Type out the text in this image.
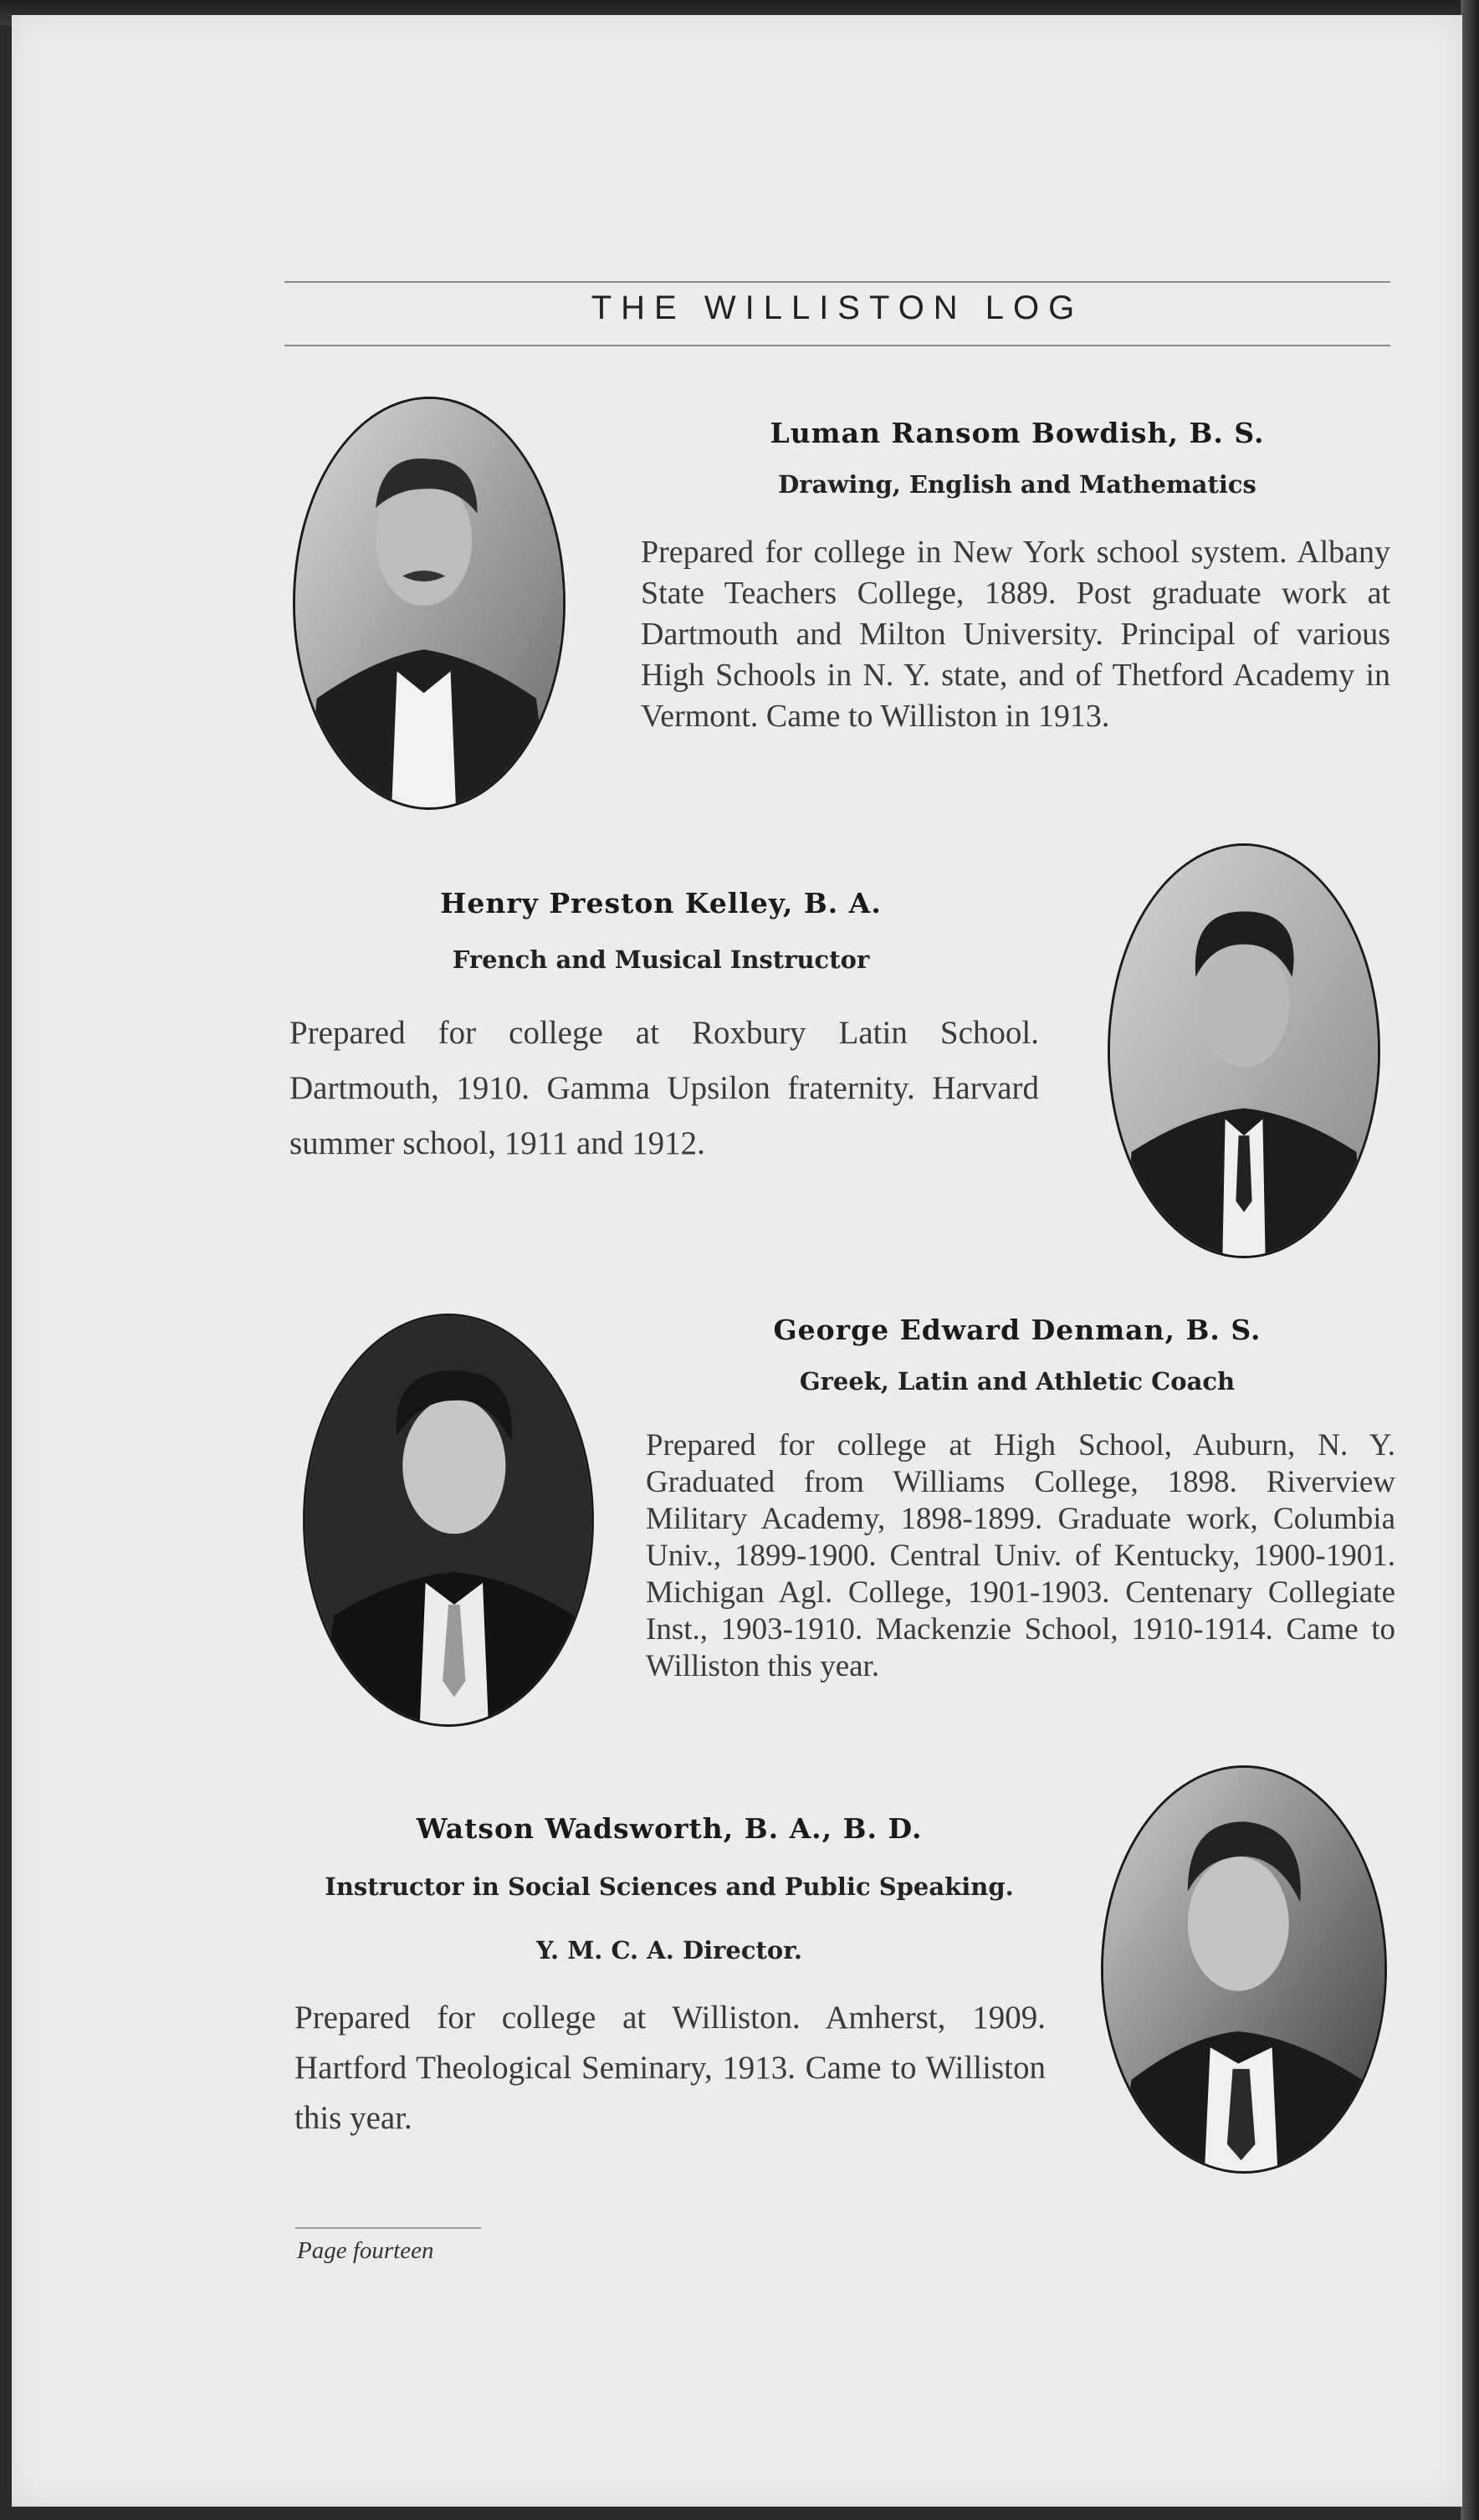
THE WILLISTON LOG
Luman Ransom Bowdish, B. S.
Drawing, English and Mathematics
Prepared for college in New York school system. Albany State Teachers College, 1889. Post graduate work at Dartmouth and Milton University. Principal of various High Schools in N. Y. state, and of Thetford Academy in Vermont. Came to Williston in 1913.
Henry Preston Kelley, B. A.
French and Musical Instructor
Prepared for college at Roxbury Latin School. Dartmouth, 1910. Gamma Upsilon fraternity. Harvard summer school, 1911 and 1912.
George Edward Denman, B. S.
Greek, Latin and Athletic Coach
Prepared for college at High School, Auburn, N. Y. Graduated from Williams College, 1898. Riverview Military Academy, 1898-1899. Graduate work, Columbia Univ., 1899-1900. Central Univ. of Kentucky, 1900-1901. Michigan Agl. College, 1901-1903. Centenary Collegiate Inst., 1903-1910. Mackenzie School, 1910-1914. Came to Williston this year.
Watson Wadsworth, B. A., B. D.
Instructor in Social Sciences and Public Speaking.
Y. M. C. A. Director.
Prepared for college at Williston. Amherst, 1909. Hartford Theological Seminary, 1913. Came to Williston this year.
Page fourteen
